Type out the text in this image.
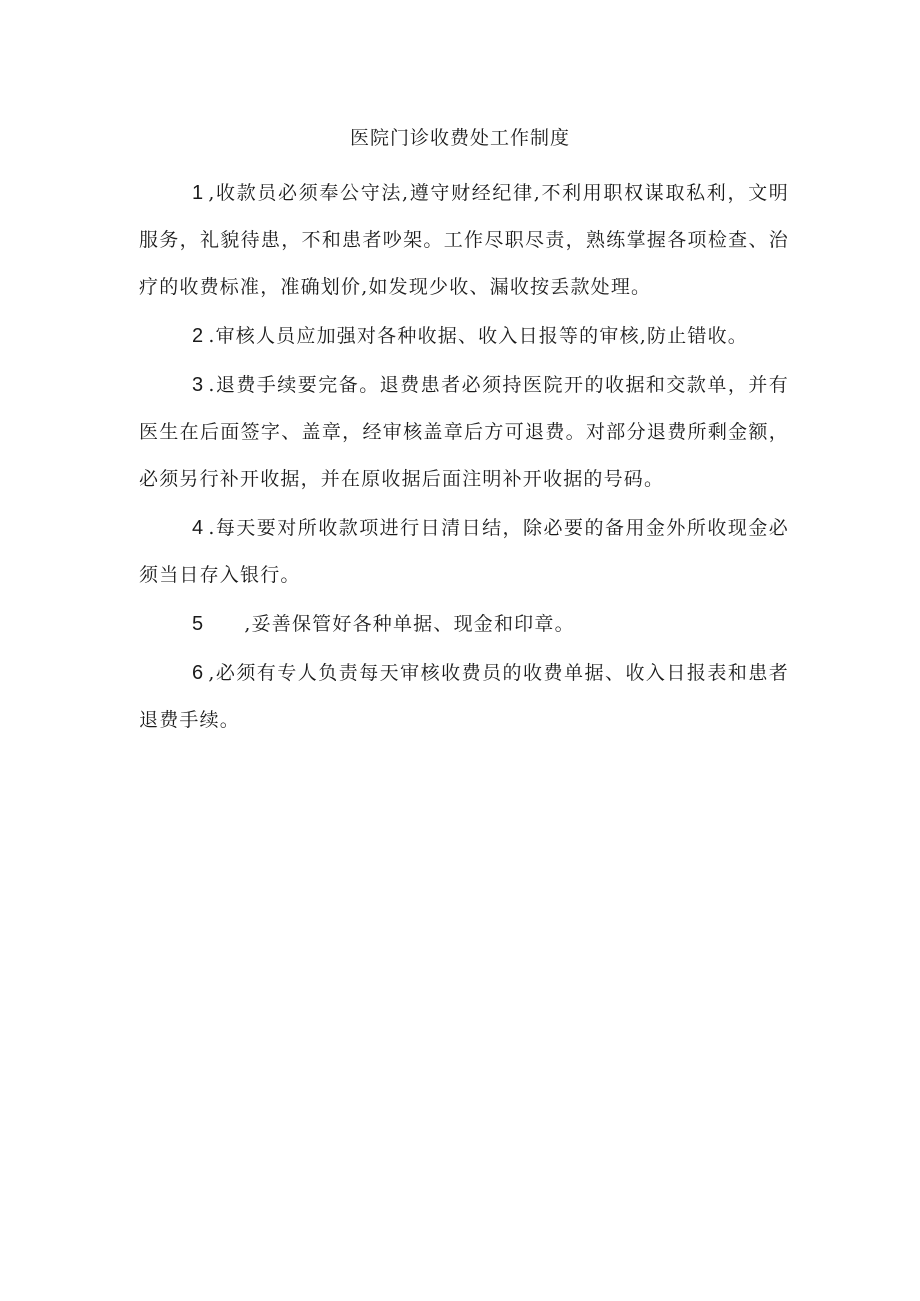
医院门诊收费处工作制度

1 ,收款员必须奉公守法,遵守财经纪律,不利用职权谋取私利，文明服务，礼貌待患，不和患者吵架。工作尽职尽责，熟练掌握各项检查、治疗的收费标准，准确划价,如发现少收、漏收按丢款处理。

2 .审核人员应加强对各种收据、收入日报等的审核,防止错收。

3 .退费手续要完备。退费患者必须持医院开的收据和交款单，并有医生在后面签字、盖章，经审核盖章后方可退费。对部分退费所剩金额，必须另行补开收据，并在原收据后面注明补开收据的号码。

4 .每天要对所收款项进行日清日结，除必要的备用金外所收现金必须当日存入银行。

5 ,妥善保管好各种单据、现金和印章。

6 ,必须有专人负责每天审核收费员的收费单据、收入日报表和患者退费手续。
